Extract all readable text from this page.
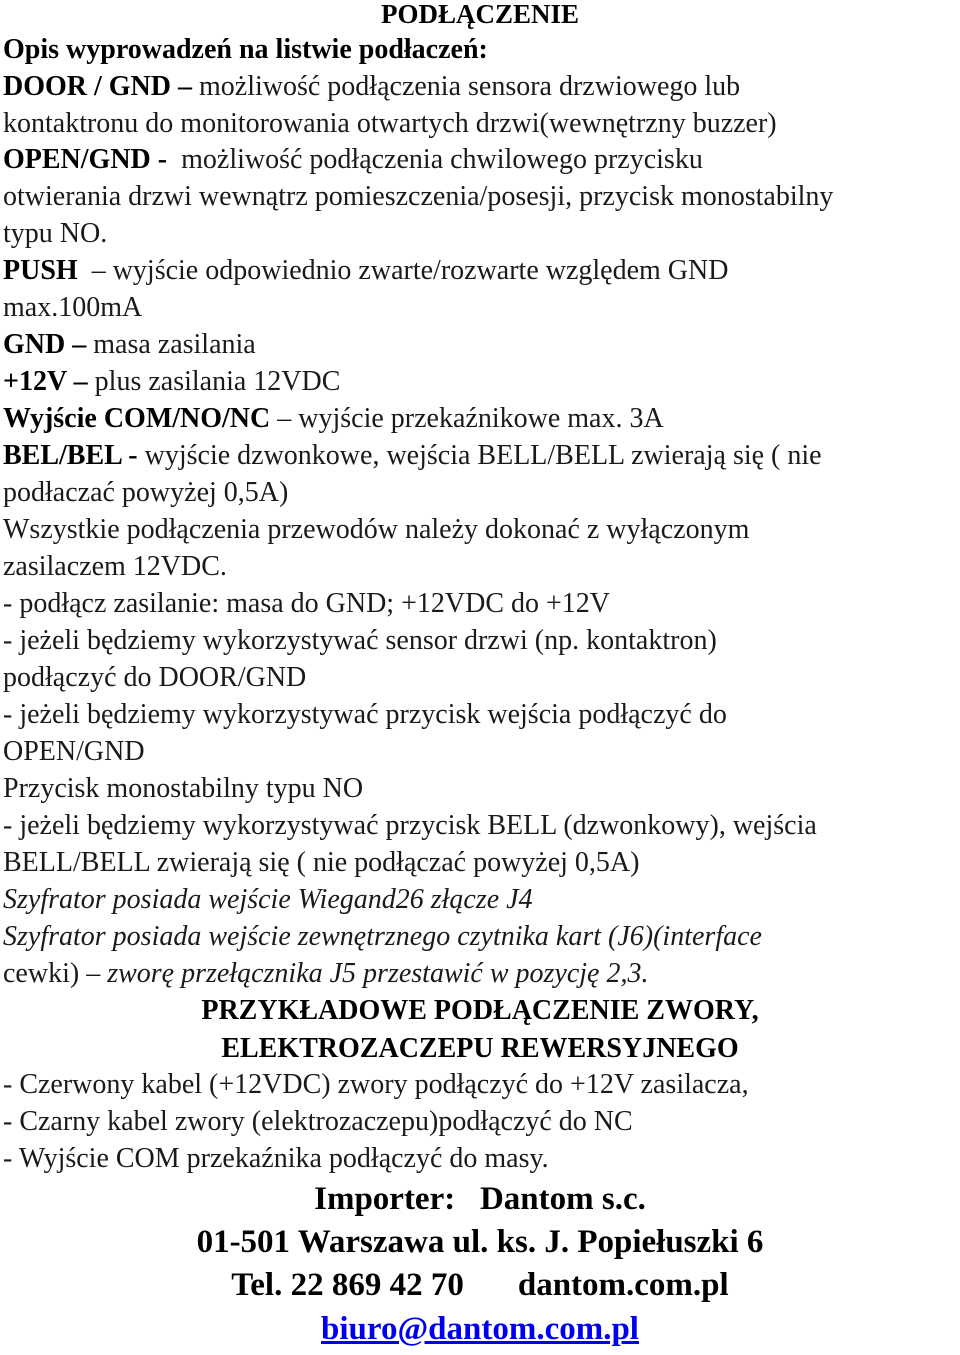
PODŁĄCZENIE
Opis wyprowadzeń na listwie podłaczeń:
DOOR / GND – możliwość podłączenia sensora drzwiowego lub
kontaktronu do monitorowania otwartych drzwi(wewnętrzny buzzer)
OPEN/GND -  możliwość podłączenia chwilowego przycisku
otwierania drzwi wewnątrz pomieszczenia/posesji, przycisk monostabilny
typu NO.
PUSH  – wyjście odpowiednio zwarte/rozwarte względem GND
max.100mA
GND – masa zasilania
+12V – plus zasilania 12VDC
Wyjście COM/NO/NC – wyjście przekaźnikowe max. 3A
BEL/BEL - wyjście dzwonkowe, wejścia BELL/BELL zwierają się ( nie
podłaczać powyżej 0,5A)
Wszystkie podłączenia przewodów należy dokonać z wyłączonym
zasilaczem 12VDC.
- podłącz zasilanie: masa do GND; +12VDC do +12V
- jeżeli będziemy wykorzystywać sensor drzwi (np. kontaktron)
podłączyć do DOOR/GND
- jeżeli będziemy wykorzystywać przycisk wejścia podłączyć do
OPEN/GND
Przycisk monostabilny typu NO
- jeżeli będziemy wykorzystywać przycisk BELL (dzwonkowy), wejścia
BELL/BELL zwierają się ( nie podłączać powyżej 0,5A)
Szyfrator posiada wejście Wiegand26 złącze J4
Szyfrator posiada wejście zewnętrznego czytnika kart (J6)(interface
cewki) – zworę przełącznika J5 przestawić w pozycję 2,3.
PRZYKŁADOWE PODŁĄCZENIE ZWORY,
ELEKTROZACZEPU REWERSYJNEGO
- Czerwony kabel (+12VDC) zwory podłączyć do +12V zasilacza,
- Czarny kabel zwory (elektrozaczepu)podłączyć do NC
- Wyjście COM przekaźnika podłączyć do masy.
Importer:   Dantom s.c.
01-501 Warszawa ul. ks. J. Popiełuszki 6
Tel. 22 869 42 70 dantom.com.pl
biuro@dantom.com.pl
